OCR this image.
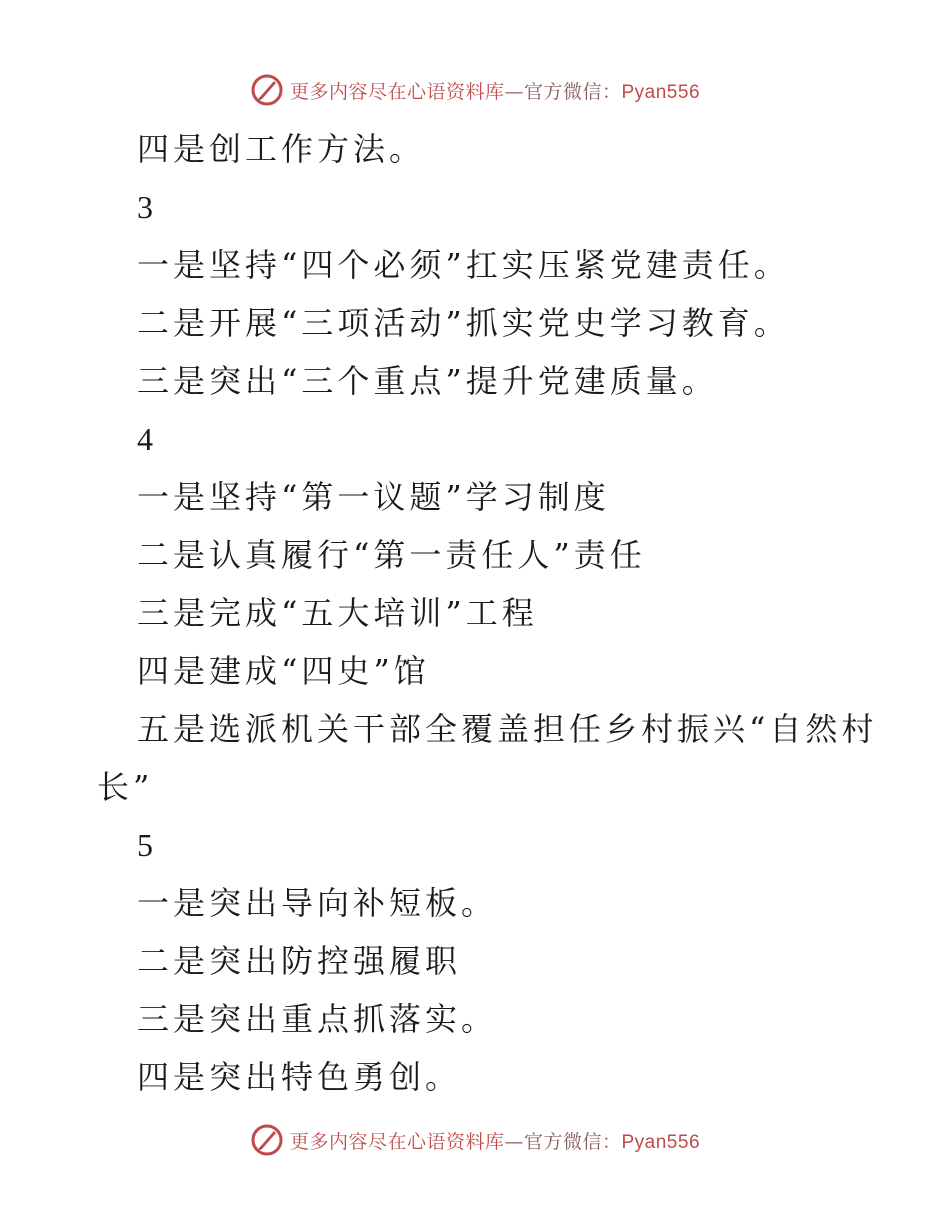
更多内容尽在心语资料库—官方微信：Pyan556
四是创工作方法。
3
一是坚持“四个必须”扛实压紧党建责任。
二是开展“三项活动”抓实党史学习教育。
三是突出“三个重点”提升党建质量。
4
一是坚持“第一议题”学习制度
二是认真履行“第一责任人”责任
三是完成“五大培训”工程
四是建成“四史”馆
五是选派机关干部全覆盖担任乡村振兴“自然村
长”
5
一是突出导向补短板。
二是突出防控强履职
三是突出重点抓落实。
四是突出特色勇创。
更多内容尽在心语资料库—官方微信：Pyan556
